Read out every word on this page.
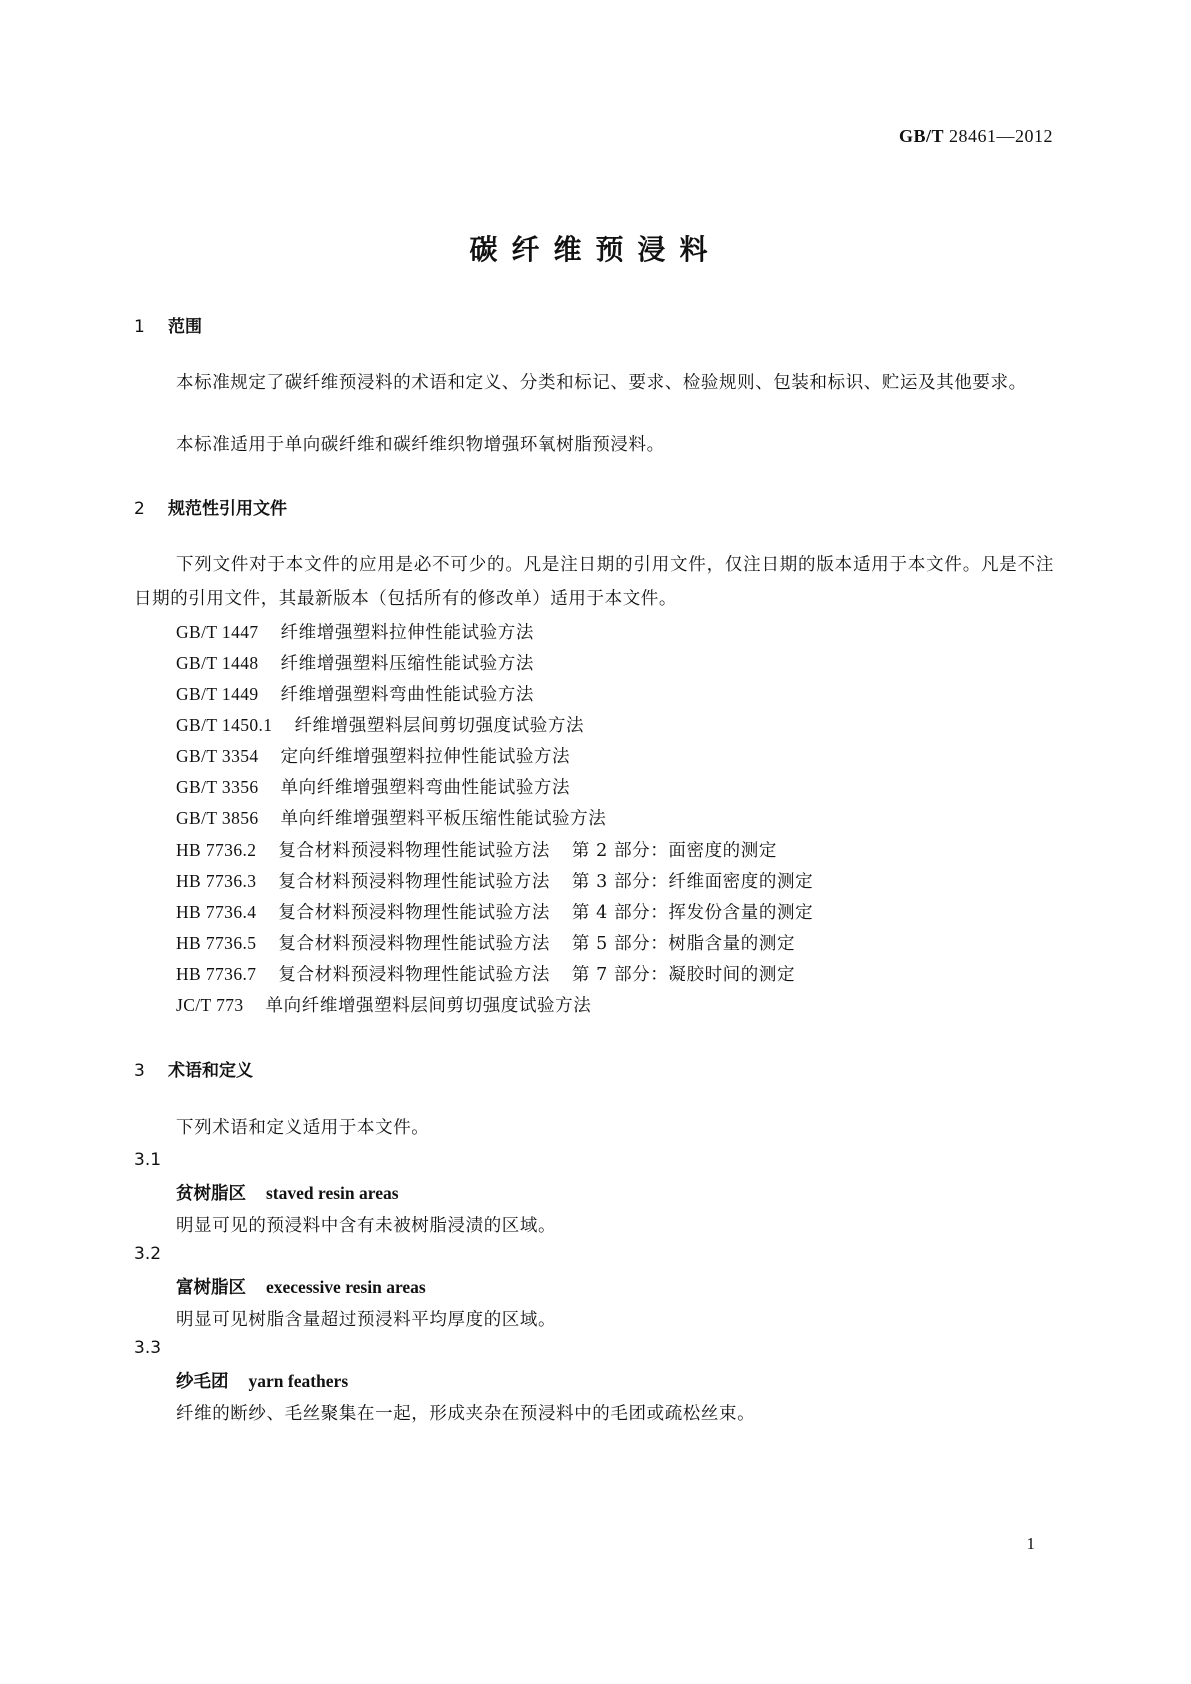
GB/T 28461—2012
碳纤维预浸料
1 范围
本标准规定了碳纤维预浸料的术语和定义、分类和标记、要求、检验规则、包装和标识、贮运及其他要求。
本标准适用于单向碳纤维和碳纤维织物增强环氧树脂预浸料。
2 规范性引用文件
下列文件对于本文件的应用是必不可少的。凡是注日期的引用文件，仅注日期的版本适用于本文件。凡是不注日期的引用文件，其最新版本（包括所有的修改单）适用于本文件。
GB/T 1447 纤维增强塑料拉伸性能试验方法
GB/T 1448 纤维增强塑料压缩性能试验方法
GB/T 1449 纤维增强塑料弯曲性能试验方法
GB/T 1450.1 纤维增强塑料层间剪切强度试验方法
GB/T 3354 定向纤维增强塑料拉伸性能试验方法
GB/T 3356 单向纤维增强塑料弯曲性能试验方法
GB/T 3856 单向纤维增强塑料平板压缩性能试验方法
HB 7736.2 复合材料预浸料物理性能试验方法 第 2 部分：面密度的测定
HB 7736.3 复合材料预浸料物理性能试验方法 第 3 部分：纤维面密度的测定
HB 7736.4 复合材料预浸料物理性能试验方法 第 4 部分：挥发份含量的测定
HB 7736.5 复合材料预浸料物理性能试验方法 第 5 部分：树脂含量的测定
HB 7736.7 复合材料预浸料物理性能试验方法 第 7 部分：凝胶时间的测定
JC/T 773 单向纤维增强塑料层间剪切强度试验方法
3 术语和定义
下列术语和定义适用于本文件。
3.1
贫树脂区 staved resin areas
明显可见的预浸料中含有未被树脂浸渍的区域。
3.2
富树脂区 execessive resin areas
明显可见树脂含量超过预浸料平均厚度的区域。
3.3
纱毛团 yarn feathers
纤维的断纱、毛丝聚集在一起，形成夹杂在预浸料中的毛团或疏松丝束。
1
